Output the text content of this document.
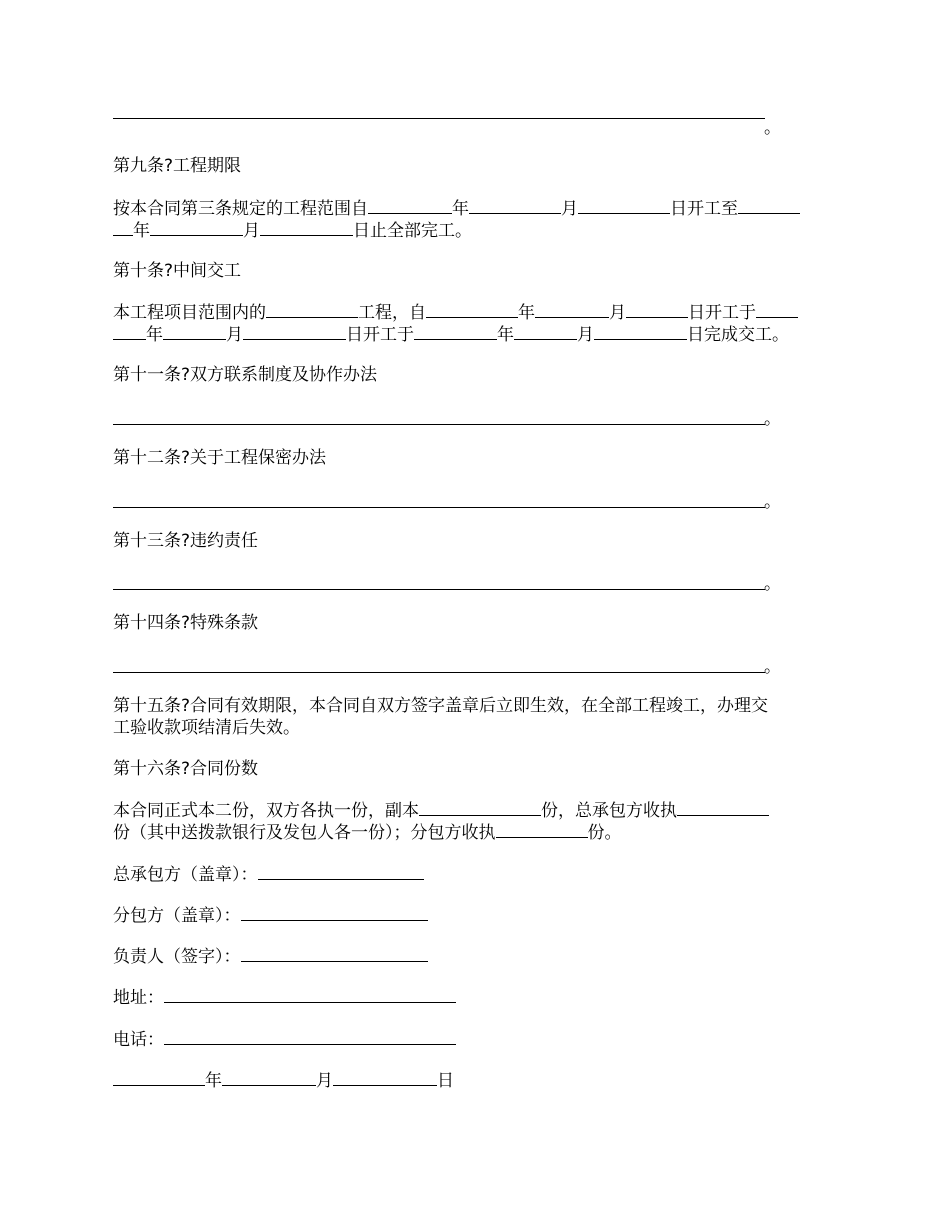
。
第九条?工程期限
按本合同第三条规定的工程范围自	年	月	日开工至
年	月	日止全部完工。
第十条?中间交工
本工程项目范围内的	工程，自	年	月	日开工于
年	月	日开工于	年	月	日完成交工。
第十一条?双方联系制度及协作办法
。
第十二条?关于工程保密办法
。
第十三条?违约责任
。
第十四条?特殊条款
。
第十五条?合同有效期限，本合同自双方签字盖章后立即生效，在全部工程竣工，办理交
工验收款项结清后失效。
第十六条?合同份数
本合同正式本二份，双方各执一份，副本	份，总承包方收执
份（其中送拨款银行及发包人各一份）；分包方收执	份。
总承包方（盖章）：
分包方（盖章）：
负责人（签字）：
地址：
电话：
年	月	日
